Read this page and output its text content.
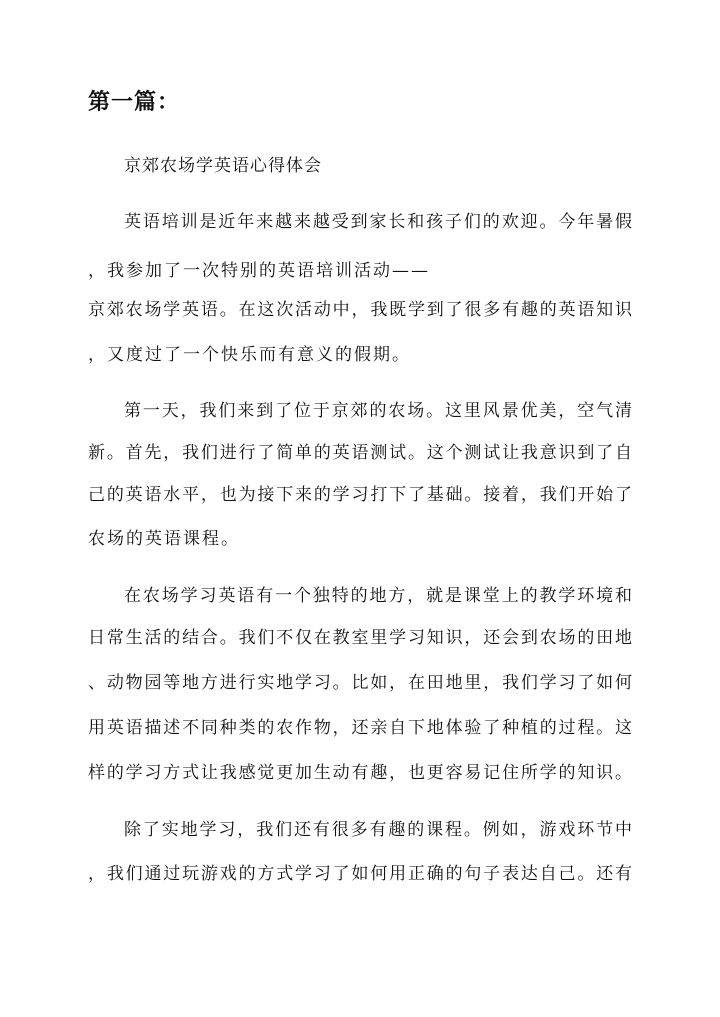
第一篇：

京郊农场学英语心得体会

英语培训是近年来越来越受到家长和孩子们的欢迎。今年暑假

，我参加了一次特别的英语培训活动——

京郊农场学英语。在这次活动中，我既学到了很多有趣的英语知识

，又度过了一个快乐而有意义的假期。

第一天，我们来到了位于京郊的农场。这里风景优美，空气清

新。首先，我们进行了简单的英语测试。这个测试让我意识到了自

己的英语水平，也为接下来的学习打下了基础。接着，我们开始了

农场的英语课程。

在农场学习英语有一个独特的地方，就是课堂上的教学环境和

日常生活的结合。我们不仅在教室里学习知识，还会到农场的田地

、动物园等地方进行实地学习。比如，在田地里，我们学习了如何

用英语描述不同种类的农作物，还亲自下地体验了种植的过程。这

样的学习方式让我感觉更加生动有趣，也更容易记住所学的知识。

除了实地学习，我们还有很多有趣的课程。例如，游戏环节中

，我们通过玩游戏的方式学习了如何用正确的句子表达自己。还有
